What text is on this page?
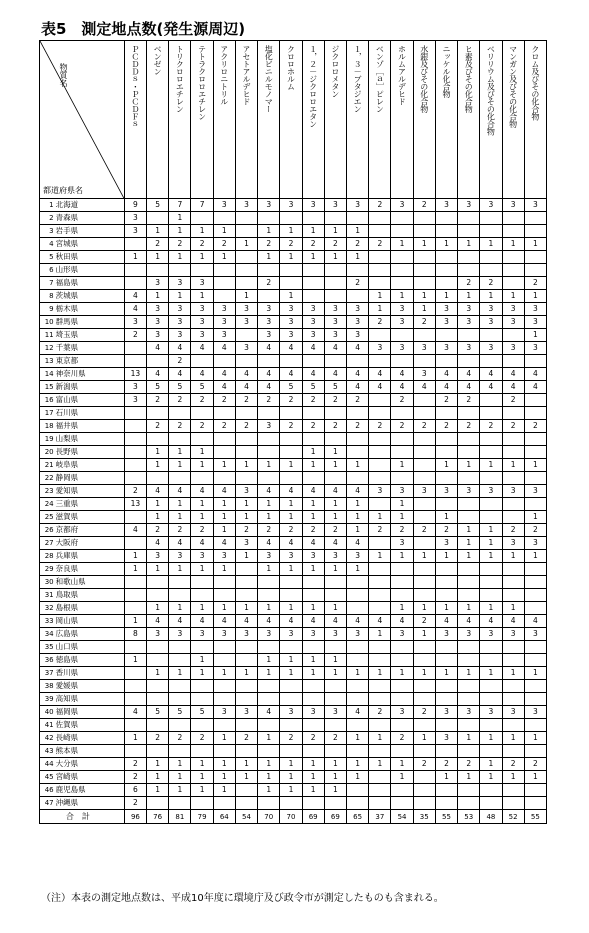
表5　測定地点数(発生源周辺)
物質名
都道府県名		ＰＣＤＤｓ・ＰＣＤＦｓ	ベンゼン	トリクロロエチレン	テトラクロロエチレン	アクリロニトリル	アセトアルデヒド	塩化ビニルモノマー	クロロホルム	１，２－ジクロロエタン	ジクロロメタン	１，３－ブタジエン	ベンゾ［ａ］ピレン	ホルムアルデヒド	水銀及びその化合物	ニッケル化合物	ヒ素及びその化合物	ベリリウム及びその化合物	マンガン及びその化合物	クロム及びその化合物

1	北海道	9	5	7	7	3	3	3	3	3	3	3	2	3	2	3	3	3	3	3
2	青森県	3		1																
3	岩手県	3	1	1	1	1		1	1	1	1	1								
4	宮城県		2	2	2	2	1	2	2	2	2	2	2	1	1	1	1	1	1	1
5	秋田県	1	1	1	1	1		1	1	1	1	1								
6	山形県																			
7	福島県		3	3	3			2				2					2	2		2
8	茨城県	4	1	1	1		1		1				1	1	1	1	1	1	1	1
9	栃木県	4	3	3	3	3	3	3	3	3	3	3	1	3	1	3	3	3	3	3
10	群馬県	3	3	3	3	3	3	3	3	3	3	3	2	3	2	3	3	3	3	3
11	埼玉県	2	3	3	3	3		3	3	3	3	3								1
12	千葉県		4	4	4	4	3	4	4	4	4	4	3	3	3	3	3	3	3	3
13	東京都			2																
14	神奈川県	13	4	4	4	4	4	4	4	4	4	4	4	4	3	4	4	4	4	4
15	新潟県	3	5	5	5	4	4	4	5	5	5	4	4	4	4	4	4	4	4	4
16	富山県	3	2	2	2	2	2	2	2	2	2	2		2		2	2		2	
17	石川県																			
18	福井県		2	2	2	2	2	3	2	2	2	2	2	2	2	2	2	2	2	2
19	山梨県																			
20	長野県		1	1	1					1	1									
21	岐阜県		1	1	1	1	1	1	1	1	1	1		1		1	1	1	1	1
22	静岡県																			
23	愛知県	2	4	4	4	4	3	4	4	4	4	4	3	3	3	3	3	3	3	3
24	三重県	13	1	1	1	1	1	1	1	1	1	1		1						
25	滋賀県		1	1	1	1	1	1	1	1	1	1	1	1		1				1
26	京都府	4	2	2	2	1	2	2	2	2	2	1	2	2	2	2	1	1	2	2
27	大阪府		4	4	4	4	3	4	4	4	4	4		3		3	1	1	3	3
28	兵庫県	1	3	3	3	3	1	3	3	3	3	3	1	1	1	1	1	1	1	1
29	奈良県	1	1	1	1	1		1	1	1	1	1								
30	和歌山県																			
31	鳥取県																			
32	島根県		1	1	1	1	1	1	1	1	1			1	1	1	1	1	1	
33	岡山県	1	4	4	4	4	4	4	4	4	4	4	4	4	2	4	4	4	4	4
34	広島県	8	3	3	3	3	3	3	3	3	3	3	1	3	1	3	3	3	3	3
35	山口県																			
36	徳島県	1			1			1	1	1	1									
37	香川県		1	1	1	1	1	1	1	1	1	1	1	1	1	1	1	1	1	1
38	愛媛県																			
39	高知県																			
40	福岡県	4	5	5	5	3	3	4	3	3	3	4	2	3	2	3	3	3	3	3
41	佐賀県																			
42	長崎県	1	2	2	2	1	2	1	2	2	2	1	1	2	1	3	1	1	1	1
43	熊本県																			
44	大分県	2	1	1	1	1	1	1	1	1	1	1	1	1	2	2	2	1	2	2
45	宮崎県	2	1	1	1	1	1	1	1	1	1	1		1		1	1	1	1	1
46	鹿児島県	6	1	1	1	1		1	1	1	1									
47	沖縄県	2																		
合計		96	76	81	79	64	54	70	70	69	69	65	37	54	35	55	53	48	52	55
（注）本表の測定地点数は、平成10年度に環境庁及び政令市が測定したものも含まれる。
